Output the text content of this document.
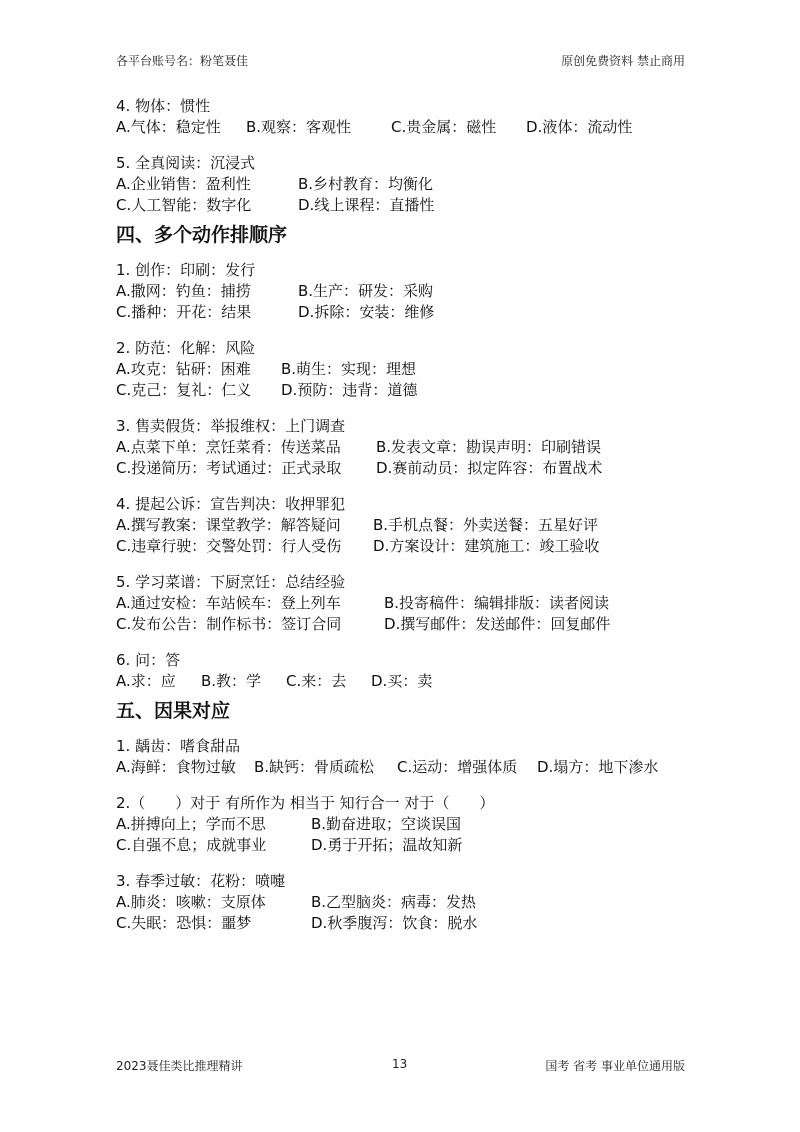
各平台账号名：粉笔聂佳	原创免费资料 禁止商用
4. 物体：惯性
A.气体：稳定性	B.观察：客观性	C.贵金属：磁性	D.液体：流动性
5. 全真阅读：沉浸式
A.企业销售：盈利性	B.乡村教育：均衡化
C.人工智能：数字化	D.线上课程：直播性
四、多个动作排顺序
1. 创作：印刷：发行
A.撒网：钓鱼：捕捞	B.生产：研发：采购
C.播种：开花：结果	D.拆除：安装：维修
2. 防范：化解：风险
A.攻克：钻研：困难	B.萌生：实现：理想
C.克己：复礼：仁义	D.预防：违背：道德
3. 售卖假货：举报维权：上门调查
A.点菜下单：烹饪菜肴：传送菜品	B.发表文章：勘误声明：印刷错误
C.投递简历：考试通过：正式录取	D.赛前动员：拟定阵容：布置战术
4. 提起公诉：宣告判决：收押罪犯
A.撰写教案：课堂教学：解答疑问	B.手机点餐：外卖送餐：五星好评
C.违章行驶：交警处罚：行人受伤	D.方案设计：建筑施工：竣工验收
5. 学习菜谱：下厨烹饪：总结经验
A.通过安检：车站候车：登上列车	B.投寄稿件：编辑排版：读者阅读
C.发布公告：制作标书：签订合同	D.撰写邮件：发送邮件：回复邮件
6. 问：答
A.求：应	B.教：学	C.来：去	D.买：卖
五、因果对应
1. 龋齿：嗜食甜品
A.海鲜：食物过敏	B.缺钙：骨质疏松	C.运动：增强体质	D.塌方：地下渗水
2.（　　）对于 有所作为 相当于 知行合一 对于（　　）
A.拼搏向上；学而不思	B.勤奋进取；空谈误国
C.自强不息；成就事业	D.勇于开拓；温故知新
3. 春季过敏：花粉：喷嚏
A.肺炎：咳嗽：支原体	B.乙型脑炎：病毒：发热
C.失眠：恐惧：噩梦	D.秋季腹泻：饮食：脱水
2023聂佳类比推理精讲	13	国考 省考 事业单位通用版
